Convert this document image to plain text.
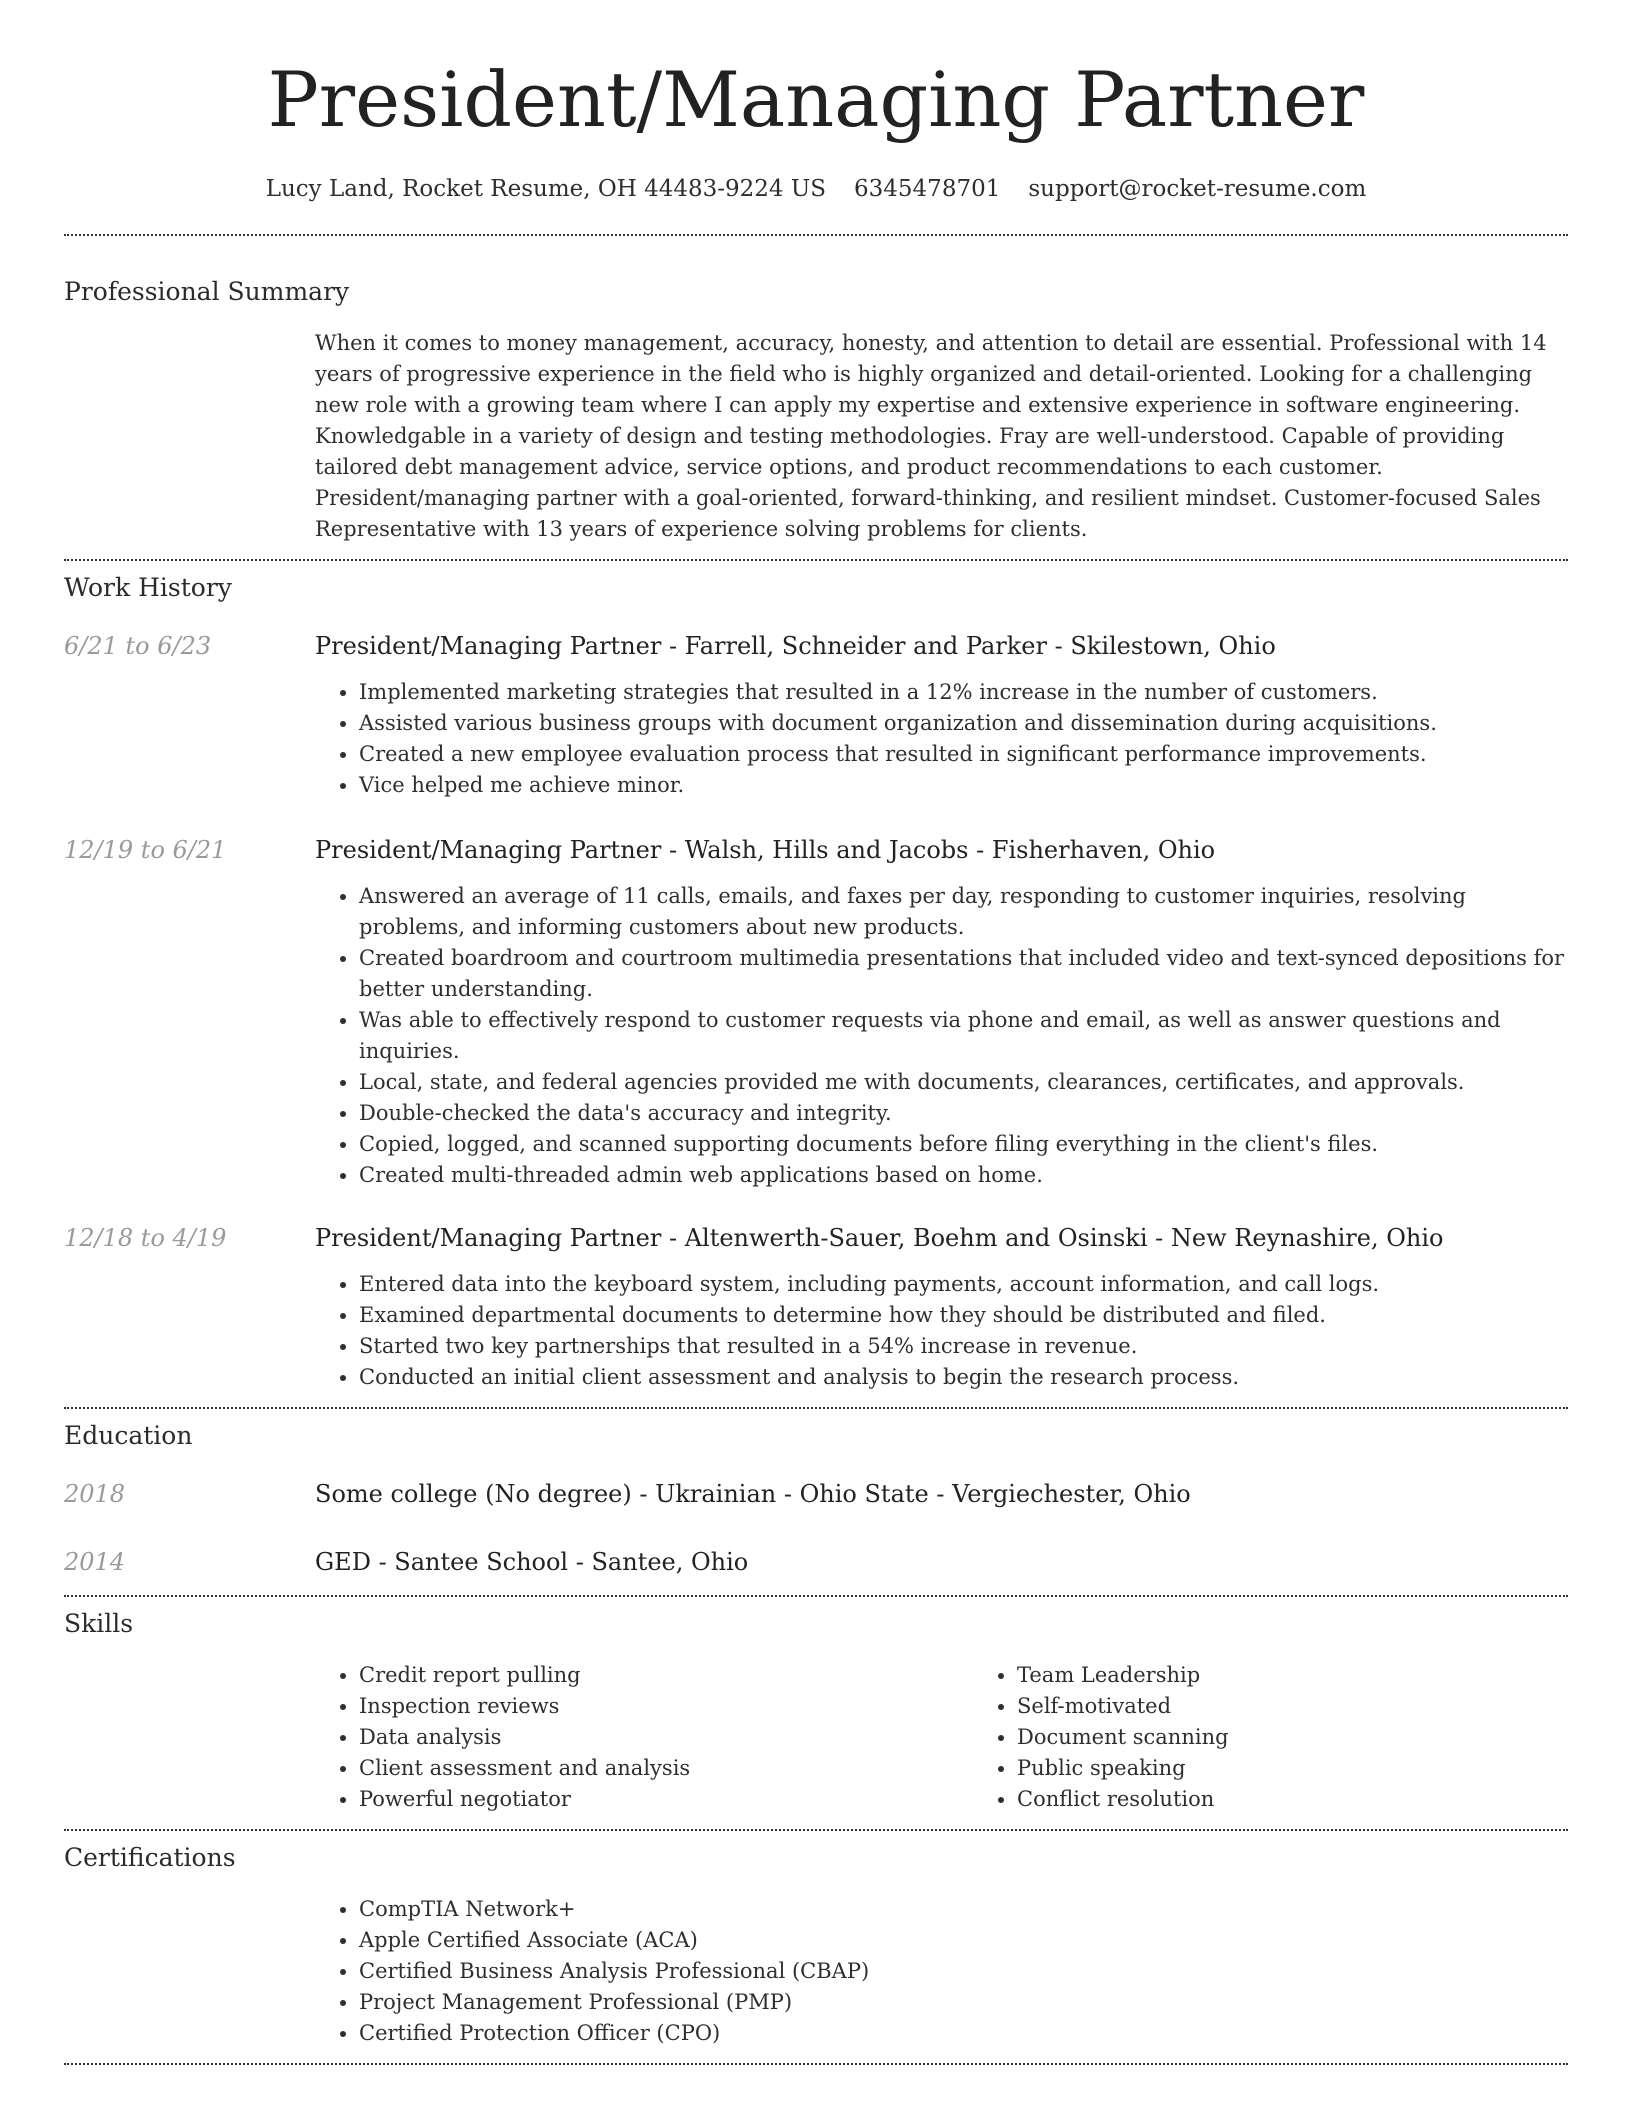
President/Managing Partner
Lucy Land, Rocket Resume, OH 44483-9224 US 6345478701 support@rocket-resume.com
Professional Summary

When it comes to money management, accuracy, honesty, and attention to detail are essential. Professional with 14 years of progressive experience in the field who is highly organized and detail-oriented. Looking for a challenging new role with a growing team where I can apply my expertise and extensive experience in software engineering. Knowledgable in a variety of design and testing methodologies. Fray are well-understood. Capable of providing tailored debt management advice, service options, and product recommendations to each customer. President/managing partner with a goal-oriented, forward-thinking, and resilient mindset. Customer-focused Sales Representative with 13 years of experience solving problems for clients.

Work History
6/21 to 6/23	President/Managing Partner - Farrell, Schneider and Parker - Skilestown, Ohio
• Implemented marketing strategies that resulted in a 12% increase in the number of customers.
• Assisted various business groups with document organization and dissemination during acquisitions.
• Created a new employee evaluation process that resulted in significant performance improvements.
• Vice helped me achieve minor.
12/19 to 6/21	President/Managing Partner - Walsh, Hills and Jacobs - Fisherhaven, Ohio
• Answered an average of 11 calls, emails, and faxes per day, responding to customer inquiries, resolving problems, and informing customers about new products.
• Created boardroom and courtroom multimedia presentations that included video and text-synced depositions for better understanding.
• Was able to effectively respond to customer requests via phone and email, as well as answer questions and inquiries.
• Local, state, and federal agencies provided me with documents, clearances, certificates, and approvals.
• Double-checked the data's accuracy and integrity.
• Copied, logged, and scanned supporting documents before filing everything in the client's files.
• Created multi-threaded admin web applications based on home.
12/18 to 4/19	President/Managing Partner - Altenwerth-Sauer, Boehm and Osinski - New Reynashire, Ohio
• Entered data into the keyboard system, including payments, account information, and call logs.
• Examined departmental documents to determine how they should be distributed and filed.
• Started two key partnerships that resulted in a 54% increase in revenue.
• Conducted an initial client assessment and analysis to begin the research process.
Education
2018	Some college (No degree) - Ukrainian - Ohio State - Vergiechester, Ohio
2014	GED - Santee School - Santee, Ohio
Skills
• Credit report pulling
• Inspection reviews
• Data analysis
• Client assessment and analysis
• Powerful negotiator
• Team Leadership
• Self-motivated
• Document scanning
• Public speaking
• Conflict resolution
Certifications
• CompTIA Network+
• Apple Certified Associate (ACA)
• Certified Business Analysis Professional (CBAP)
• Project Management Professional (PMP)
• Certified Protection Officer (CPO)
